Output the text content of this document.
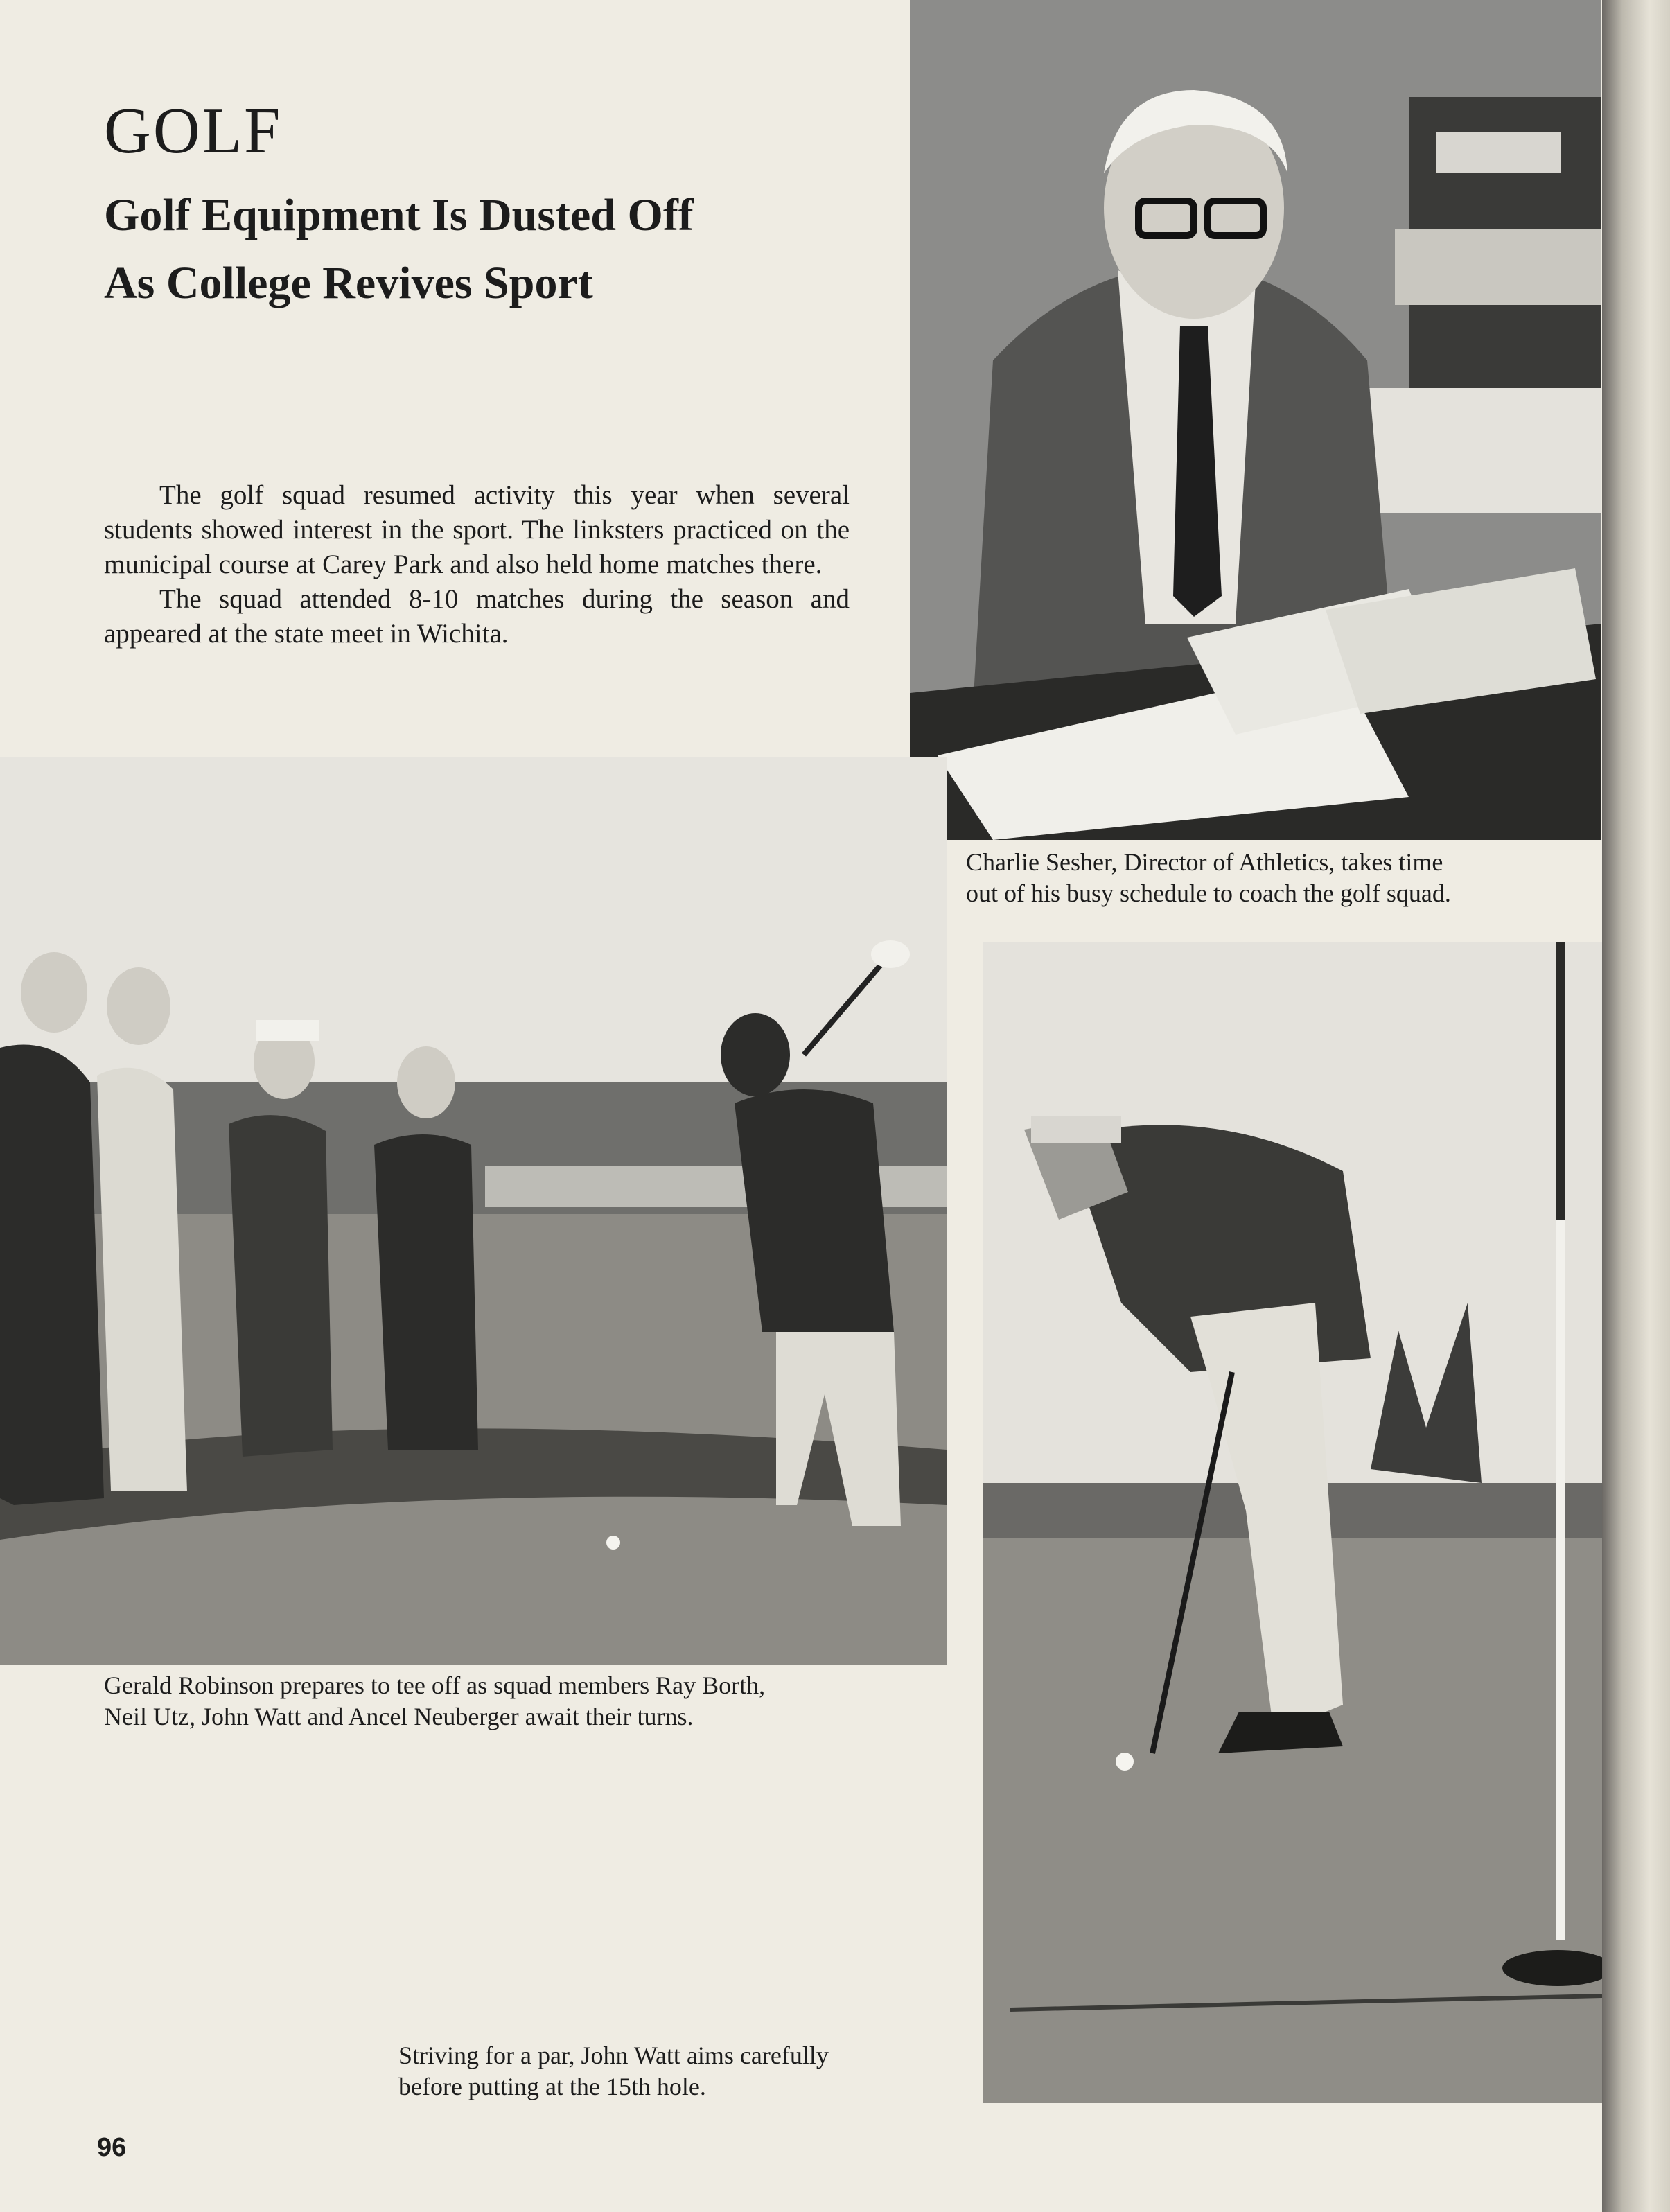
GOLF
Golf Equipment Is Dusted Off
As College Revives Sport

The golf squad resumed activity this year when several students showed interest in the sport. The linksters practiced on the municipal course at Carey Park and also held home matches there.

The squad attended 8-10 matches during the season and appeared at the state meet in Wichita.

Charlie Sesher, Director of Athletics, takes time
out of his busy schedule to coach the golf squad.
Gerald Robinson prepares to tee off as squad members Ray Borth,
Neil Utz, John Watt and Ancel Neuberger await their turns.
Striving for a par, John Watt aims carefully
before putting at the 15th hole.
96
